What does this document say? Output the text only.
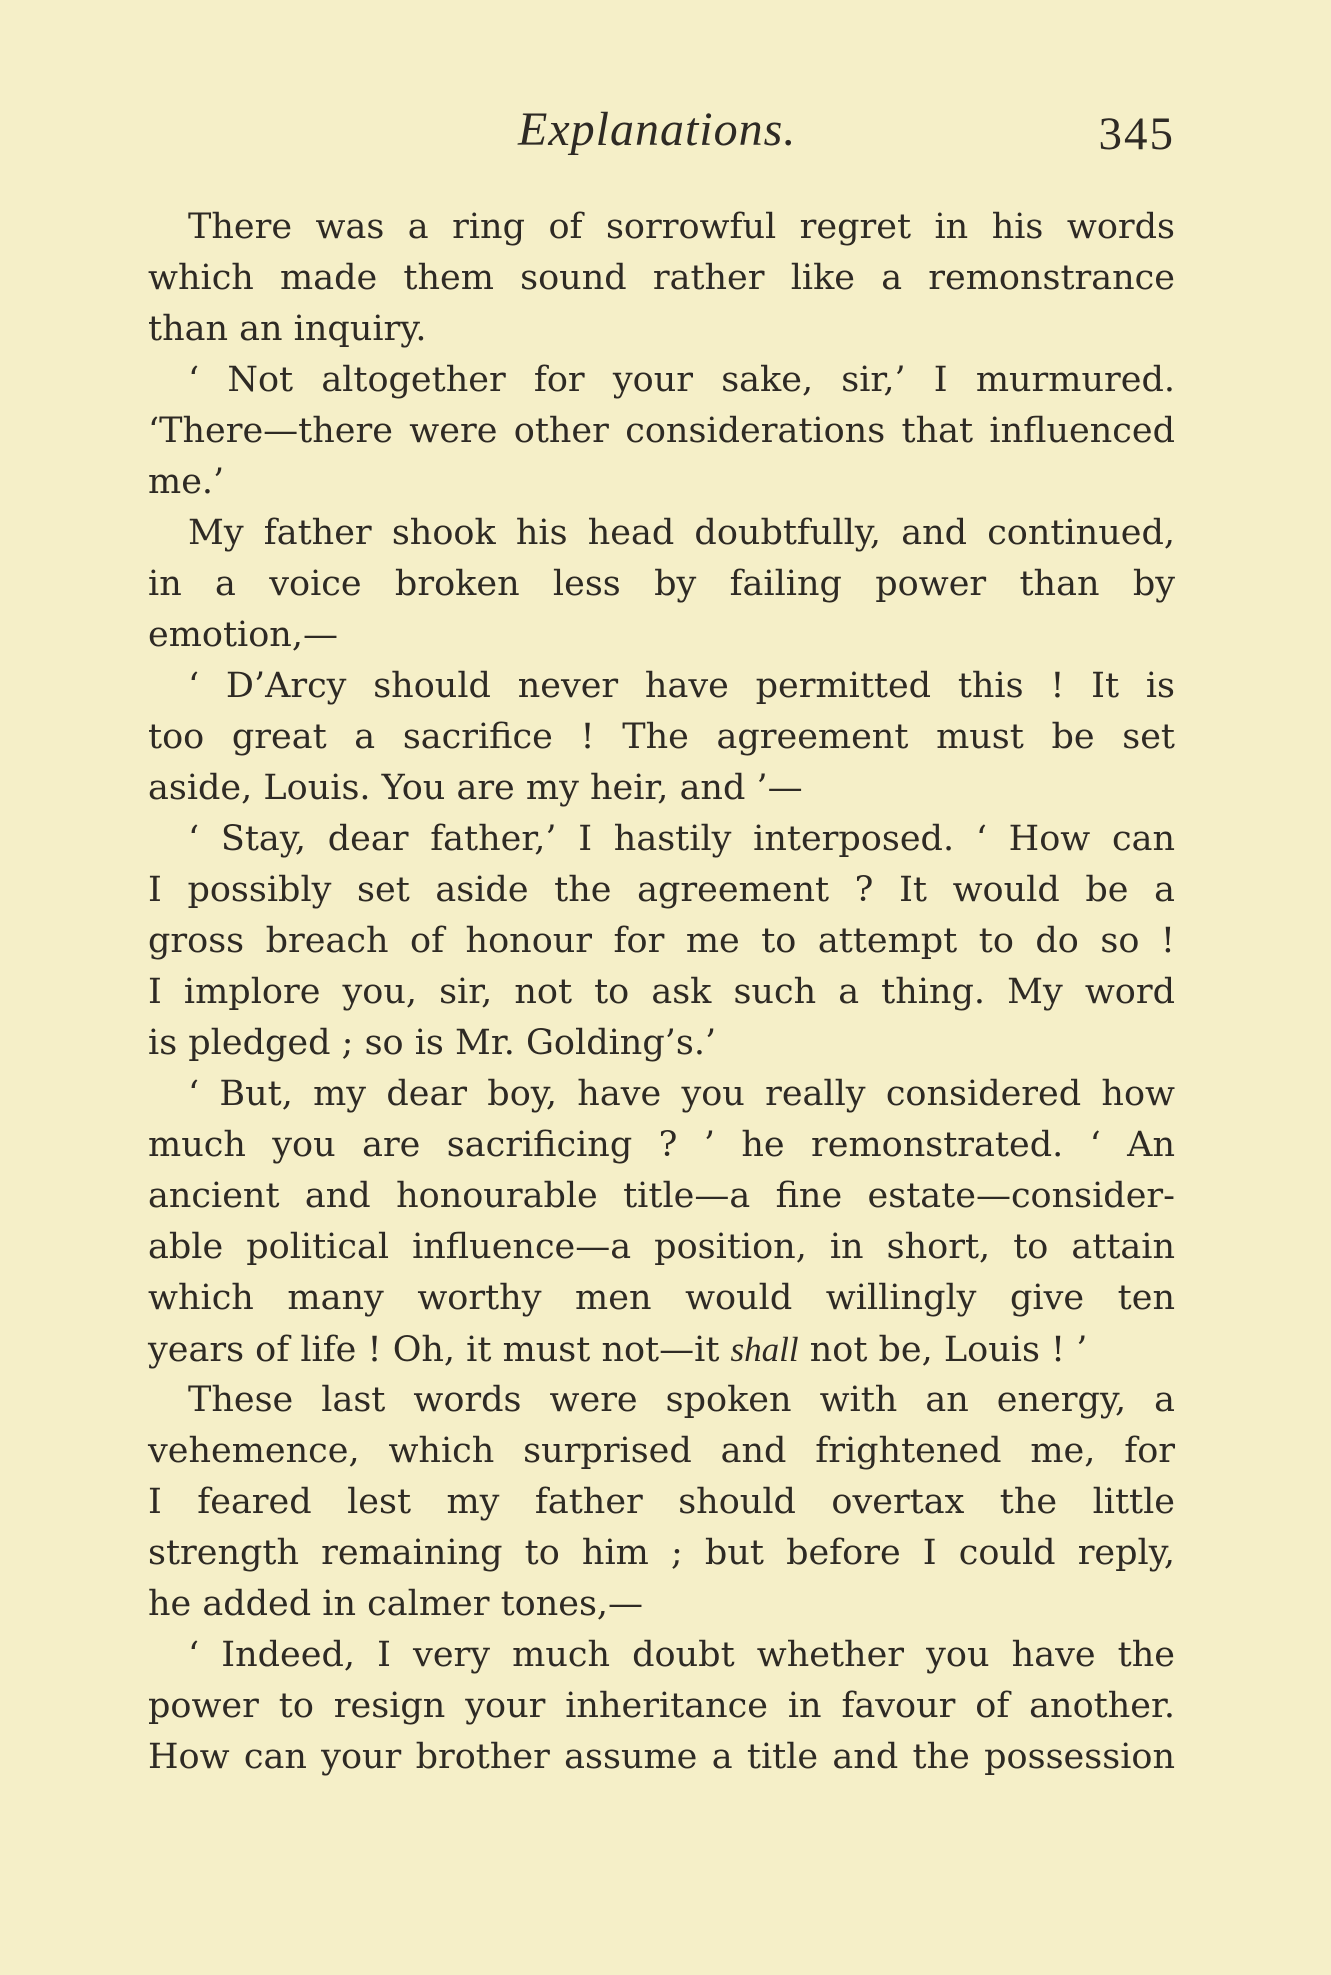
Explanations.	345
There was a ring of sorrowful regret in his words
which made them sound rather like a remonstrance
than an inquiry.
‘ Not altogether for your sake, sir,’ I murmured.
‘There—there were other considerations that influenced
me.’
My father shook his head doubtfully, and continued,
in a voice broken less by failing power than by
emotion,—
‘ D’Arcy should never have permitted this ! It is
too great a sacrifice ! The agreement must be set
aside, Louis. You are my heir, and ’—
‘ Stay, dear father,’ I hastily interposed. ‘ How can
I possibly set aside the agreement ? It would be a
gross breach of honour for me to attempt to do so !
I implore you, sir, not to ask such a thing. My word
is pledged ; so is Mr. Golding’s.’
‘ But, my dear boy, have you really considered how
much you are sacrificing ? ’ he remonstrated. ‘ An
ancient and honourable title—a fine estate—consider-
able political influence—a position, in short, to attain
which many worthy men would willingly give ten
years of life ! Oh, it must not—it shall not be, Louis ! ’
These last words were spoken with an energy, a
vehemence, which surprised and frightened me, for
I feared lest my father should overtax the little
strength remaining to him ; but before I could reply,
he added in calmer tones,—
‘ Indeed, I very much doubt whether you have the
power to resign your inheritance in favour of another.
How can your brother assume a title and the possession
